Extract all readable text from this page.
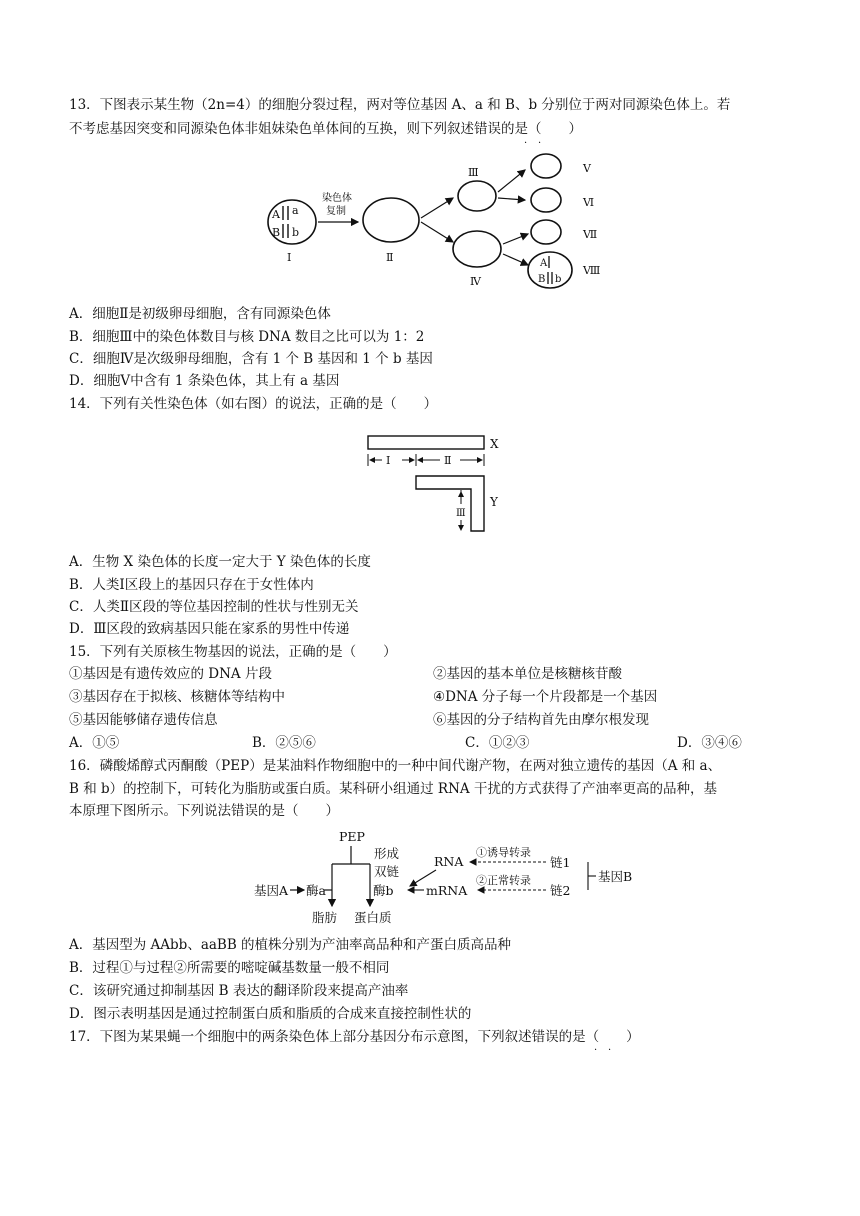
13．下图表示某生物（2n=4）的细胞分裂过程，两对等位基因 A、a 和 B、b 分别位于两对同源染色体上。若
不考虑基因突变和同源染色体非姐妹染色单体间的互换，则下列叙述错误的是（　　）
· ·
A a
B b
Ⅰ
染色体
复制
Ⅱ
Ⅲ
Ⅳ
Ⅴ
Ⅵ
Ⅶ
A
B b
Ⅷ
A．细胞Ⅱ是初级卵母细胞，含有同源染色体
B．细胞Ⅲ中的染色体数目与核 DNA 数目之比可以为 1：2
C．细胞Ⅳ是次级卵母细胞，含有 1 个 B 基因和 1 个 b 基因
D．细胞Ⅴ中含有 1 条染色体，其上有 a 基因
14．下列有关性染色体（如右图）的说法，正确的是（　　）
X
Ⅰ	Ⅱ
Y
Ⅲ
A．生物 X 染色体的长度一定大于 Y 染色体的长度
B．人类Ⅰ区段上的基因只存在于女性体内
C．人类Ⅱ区段的等位基因控制的性状与性别无关
D．Ⅲ区段的致病基因只能在家系的男性中传递
15．下列有关原核生物基因的说法，正确的是（　　）
①基因是有遗传效应的 DNA 片段	②基因的基本单位是核糖核苷酸
③基因存在于拟核、核糖体等结构中	④DNA 分子每一个片段都是一个基因
⑤基因能够储存遗传信息	⑥基因的分子结构首先由摩尔根发现
A．①⑤	B．②⑤⑥	C．①②③	D．③④⑥
16．磷酸烯醇式丙酮酸（PEP）是某油料作物细胞中的一种中间代谢产物，在两对独立遗传的基因（A 和 a、
B 和 b）的控制下，可转化为脂肪或蛋白质。某科研小组通过 RNA 干扰的方式获得了产油率更高的品种，基
本原理下图所示。下列说法错误的是（　　）
PEP
基因A 酶a	酶b
脂肪 蛋白质
形成
双链
RNA
mRNA
①诱导转录
②正常转录
链1
链2
基因B
A．基因型为 AAbb、aaBB 的植株分别为产油率高品种和产蛋白质高品种
B．过程①与过程②所需要的嘧啶碱基数量一般不相同
C．该研究通过抑制基因 B 表达的翻译阶段来提高产油率
D．图示表明基因是通过控制蛋白质和脂质的合成来直接控制性状的
17．下图为某果蝇一个细胞中的两条染色体上部分基因分布示意图，下列叙述错误的是（　　）
· ·
